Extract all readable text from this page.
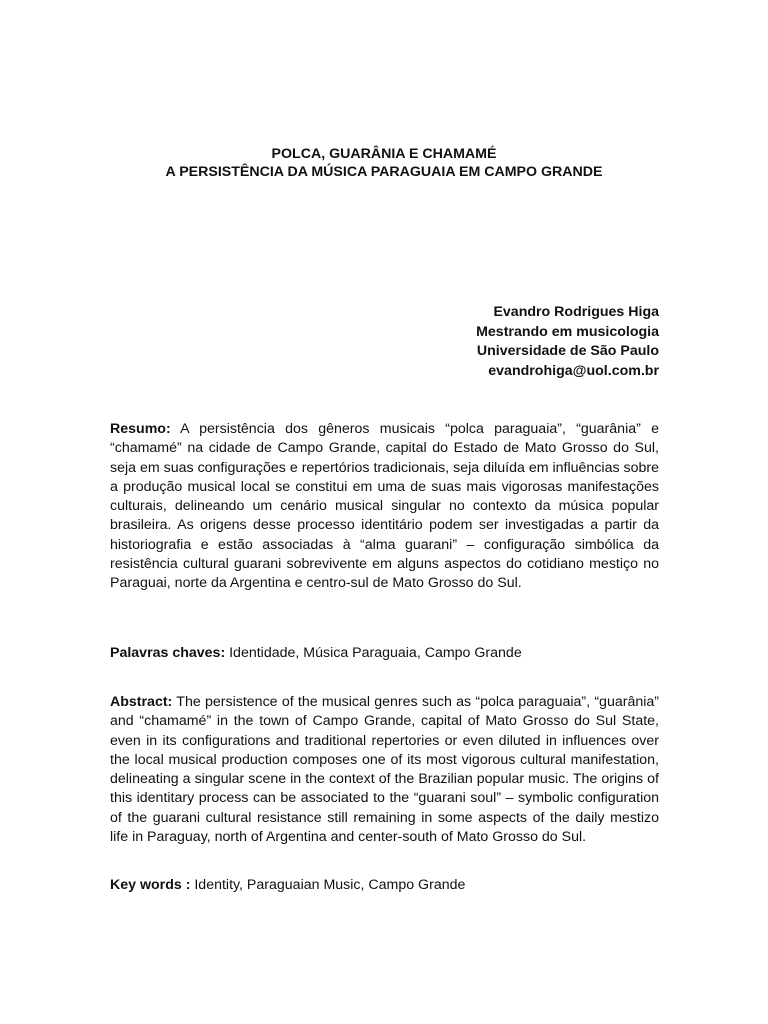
POLCA, GUARÂNIA E CHAMAMÉ
A PERSISTÊNCIA DA MÚSICA PARAGUAIA EM CAMPO GRANDE
Evandro Rodrigues Higa
Mestrando em musicologia
Universidade de São Paulo
evandrohiga@uol.com.br
Resumo: A persistência dos gêneros musicais “polca paraguaia”, “guarânia” e “chamamé” na cidade de Campo Grande, capital do Estado de Mato Grosso do Sul, seja em suas configurações e repertórios tradicionais, seja diluída em influências sobre a produção musical local se constitui em uma de suas mais vigorosas manifestações culturais, delineando um cenário musical singular no contexto da música popular brasileira. As origens desse processo identitário podem ser investigadas a partir da historiografia e estão associadas à “alma guarani” – configuração simbólica da resistência cultural guarani sobrevivente em alguns aspectos do cotidiano mestiço no Paraguai, norte da Argentina e centro-sul de Mato Grosso do Sul.
Palavras chaves: Identidade, Música Paraguaia, Campo Grande
Abstract: The persistence of the musical genres such as “polca paraguaia”, “guarânia” and “chamamé” in the town of Campo Grande, capital of Mato Grosso do Sul State, even in its configurations and traditional repertories or even diluted in influences over the local musical production composes one of its most vigorous cultural manifestation, delineating a singular scene in the context of the Brazilian popular music. The origins of this identitary process can be associated to the “guarani soul” – symbolic configuration of the guarani cultural resistance still remaining in some aspects of the daily mestizo life in Paraguay, north of Argentina and center-south of Mato Grosso do Sul.
Key words : Identity, Paraguaian Music, Campo Grande
